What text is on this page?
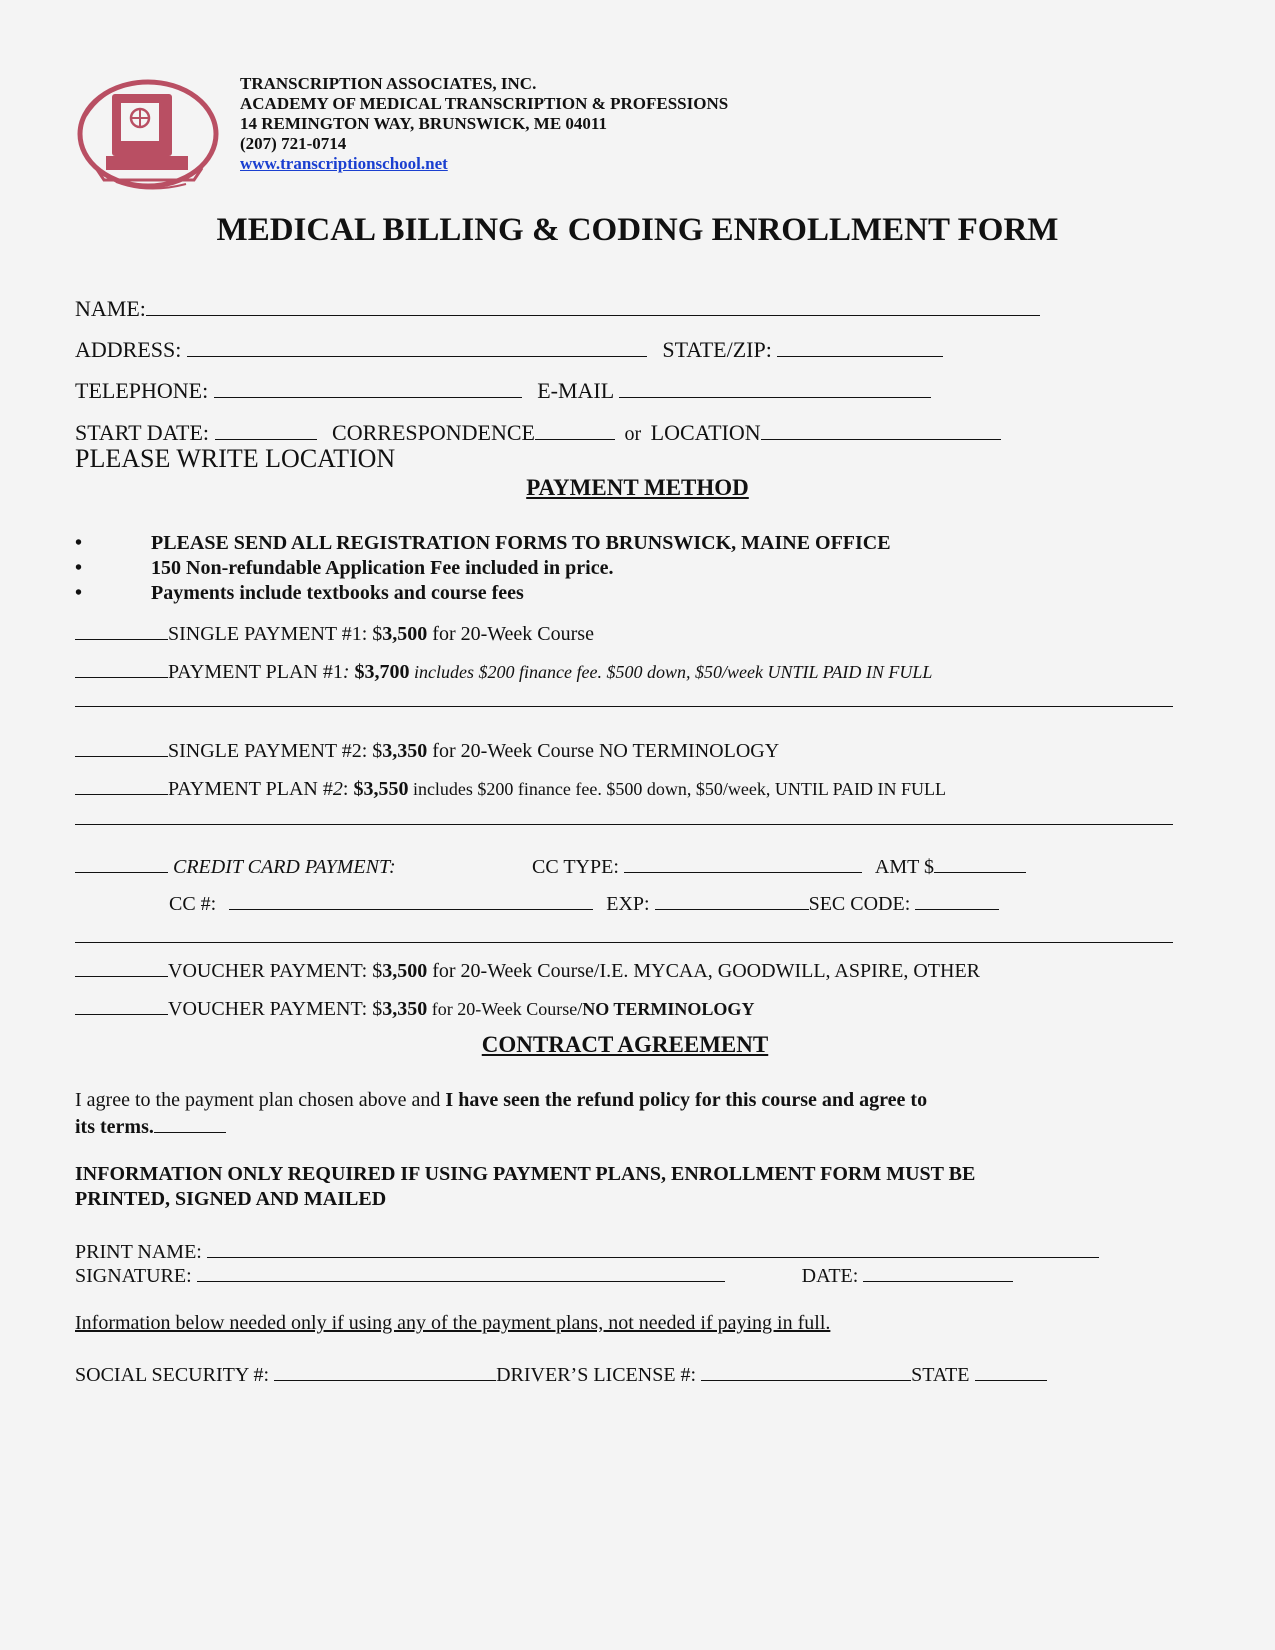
TRANSCRIPTION ASSOCIATES, INC.
ACADEMY OF MEDICAL TRANSCRIPTION & PROFESSIONS
14 REMINGTON WAY, BRUNSWICK, ME 04011
(207) 721-0714
www.transcriptionschool.net
MEDICAL BILLING & CODING ENROLLMENT FORM
NAME:
ADDRESS:	STATE/ZIP:
TELEPHONE:	E-MAIL
START DATE:	CORRESPONDENCE	or LOCATION
PLEASE WRITE LOCATION
PAYMENT METHOD
•	PLEASE SEND ALL REGISTRATION FORMS TO BRUNSWICK, MAINE OFFICE
•	150 Non-refundable Application Fee included in price.
•	Payments include textbooks and course fees
SINGLE PAYMENT #1: $3,500 for 20-Week Course
PAYMENT PLAN #1: $3,700 includes $200 finance fee. $500 down, $50/week UNTIL PAID IN FULL
SINGLE PAYMENT #2: $3,350 for 20-Week Course NO TERMINOLOGY
PAYMENT PLAN #2: $3,550 includes $200 finance fee. $500 down, $50/week, UNTIL PAID IN FULL
CREDIT CARD PAYMENT:	CC TYPE:	AMT $
CC #:	EXP:	SEC CODE:
VOUCHER PAYMENT: $3,500 for 20-Week Course/I.E. MYCAA, GOODWILL, ASPIRE, OTHER
VOUCHER PAYMENT: $3,350 for 20-Week Course/NO TERMINOLOGY
CONTRACT AGREEMENT
I agree to the payment plan chosen above and I have seen the refund policy for this course and agree to
its terms.
INFORMATION ONLY REQUIRED IF USING PAYMENT PLANS, ENROLLMENT FORM MUST BE
PRINTED, SIGNED AND MAILED
PRINT NAME:
SIGNATURE:	DATE:
Information below needed only if using any of the payment plans, not needed if paying in full.
SOCIAL SECURITY #:	DRIVER’S LICENSE #:	STATE
